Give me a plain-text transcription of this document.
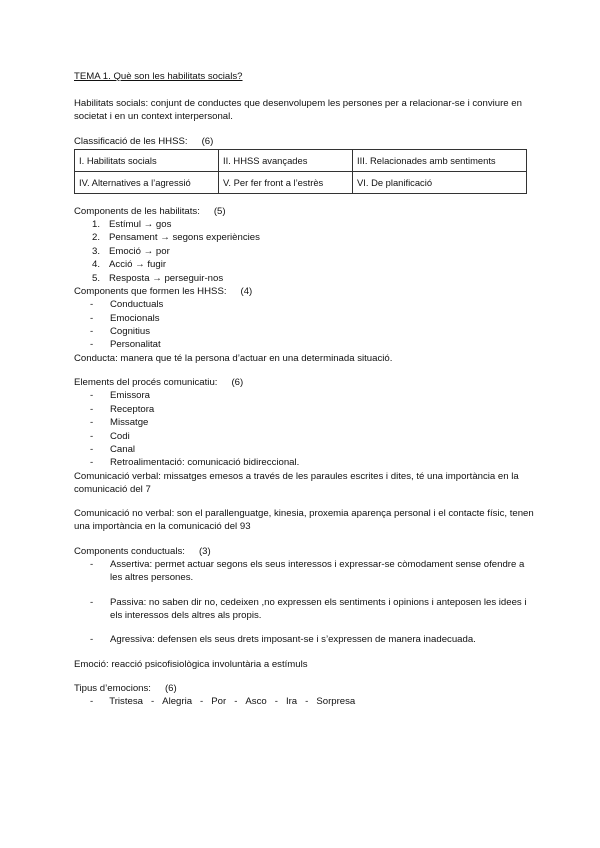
TEMA 1. Què son les habilitats socials?

Habilitats socials: conjunt de conductes que desenvolupem les persones per a relacionar-se i conviure en societat i en un context interpersonal.

Classificació de les HHSS: (6)
I. Habilitats socials	II. HHSS avançades	III. Relacionades amb sentiments
IV. Alternatives a l’agressió	V. Per fer front a l’estrès	VI. De planificació
Components de les habilitats: (5)
1. Estímul → gos
2. Pensament → segons experiències
3. Emoció → por
4. Acció → fugir
5. Resposta → perseguir-nos
Components que formen les HHSS: (4)
-	Conductuals
-	Emocionals
-	Cognitius
-	Personalitat

Conducta: manera que té la persona d’actuar en una determinada situació.

Elements del procés comunicatiu: (6)
-	Emissora
-	Receptora
-	Missatge
-	Codi
-	Canal
-	Retroalimentació: comunicació bidireccional.

Comunicació verbal: missatges emesos a través de les paraules escrites i dites, té una importància en la comunicació del 7

Comunicació no verbal: son el parallenguatge, kinesia, proxemia aparença personal i el contacte físic, tenen una importància en la comunicació del 93

Components conductuals: (3)
-	Assertiva: permet actuar segons els seus interessos i expressar-se còmodament sense ofendre a les altres persones.
-	Passiva: no saben dir no, cedeixen ,no expressen els sentiments i opinions i anteposen les idees i els interessos dels altres als propis.
-	Agressiva: defensen els seus drets imposant-se i s’expressen de manera inadecuada.

Emoció: reacció psicofisiològica involuntària a estímuls

Tipus d’emocions: (6)
-
Tristesa
-
Alegria
-
Por
-
Asco
-
Ira
-
Sorpresa
